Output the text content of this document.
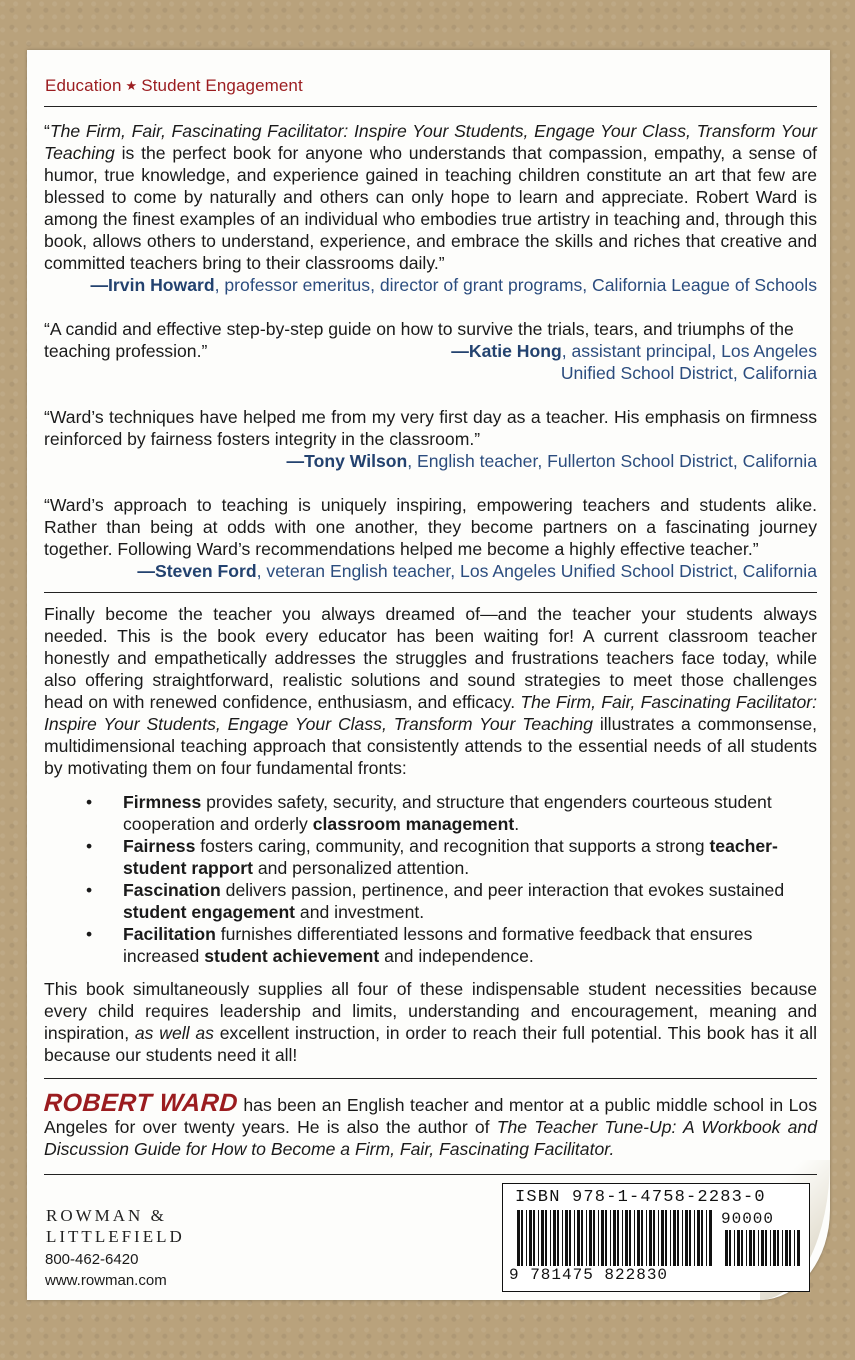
Education ★ Student Engagement
“The Firm, Fair, Fascinating Facilitator: Inspire Your Students, Engage Your Class, Transform Your Teaching is the perfect book for anyone who understands that compassion, empathy, a sense of humor, true knowledge, and experience gained in teaching children constitute an art that few are blessed to come by naturally and others can only hope to learn and appreciate. Robert Ward is among the finest examples of an individual who embodies true artistry in teaching and, through this book, allows others to understand, experience, and embrace the skills and riches that creative and committed teachers bring to their classrooms daily.”
—Irvin Howard, professor emeritus, director of grant programs, California League of Schools
“A candid and effective step-by-step guide on how to survive the trials, tears, and triumphs of the teaching profession.”	—Katie Hong, assistant principal, Los Angeles Unified School District, California
“Ward’s techniques have helped me from my very first day as a teacher. His emphasis on firmness reinforced by fairness fosters integrity in the classroom.”
—Tony Wilson, English teacher, Fullerton School District, California
“Ward’s approach to teaching is uniquely inspiring, empowering teachers and students alike. Rather than being at odds with one another, they become partners on a fascinating journey together. Following Ward’s recommendations helped me become a highly effective teacher.”
—Steven Ford, veteran English teacher, Los Angeles Unified School District, California
Finally become the teacher you always dreamed of—and the teacher your students always needed. This is the book every educator has been waiting for! A current classroom teacher honestly and empathetically addresses the struggles and frustrations teachers face today, while also offering straightforward, realistic solutions and sound strategies to meet those challenges head on with renewed confidence, enthusiasm, and efficacy. The Firm, Fair, Fascinating Facilitator: Inspire Your Students, Engage Your Class, Transform Your Teaching illustrates a commonsense, multidimensional teaching approach that consistently attends to the essential needs of all students by motivating them on four fundamental fronts:
• Firmness provides safety, security, and structure that engenders courteous student cooperation and orderly classroom management.
• Fairness fosters caring, community, and recognition that supports a strong teacher-student rapport and personalized attention.
• Fascination delivers passion, pertinence, and peer interaction that evokes sustained student engagement and investment.
• Facilitation furnishes differentiated lessons and formative feedback that ensures increased student achievement and independence.
This book simultaneously supplies all four of these indispensable student necessities because every child requires leadership and limits, understanding and encouragement, meaning and inspiration, as well as excellent instruction, in order to reach their full potential. This book has it all because our students need it all!
ROBERT WARD has been an English teacher and mentor at a public middle school in Los Angeles for over twenty years. He is also the author of The Teacher Tune-Up: A Workbook and Discussion Guide for How to Become a Firm, Fair, Fascinating Facilitator.
ROWMAN &
LITTLEFIELD
800-462-6420
www.rowman.com
ISBN 978-1-4758-2283-0
90000
9 781475 822830
